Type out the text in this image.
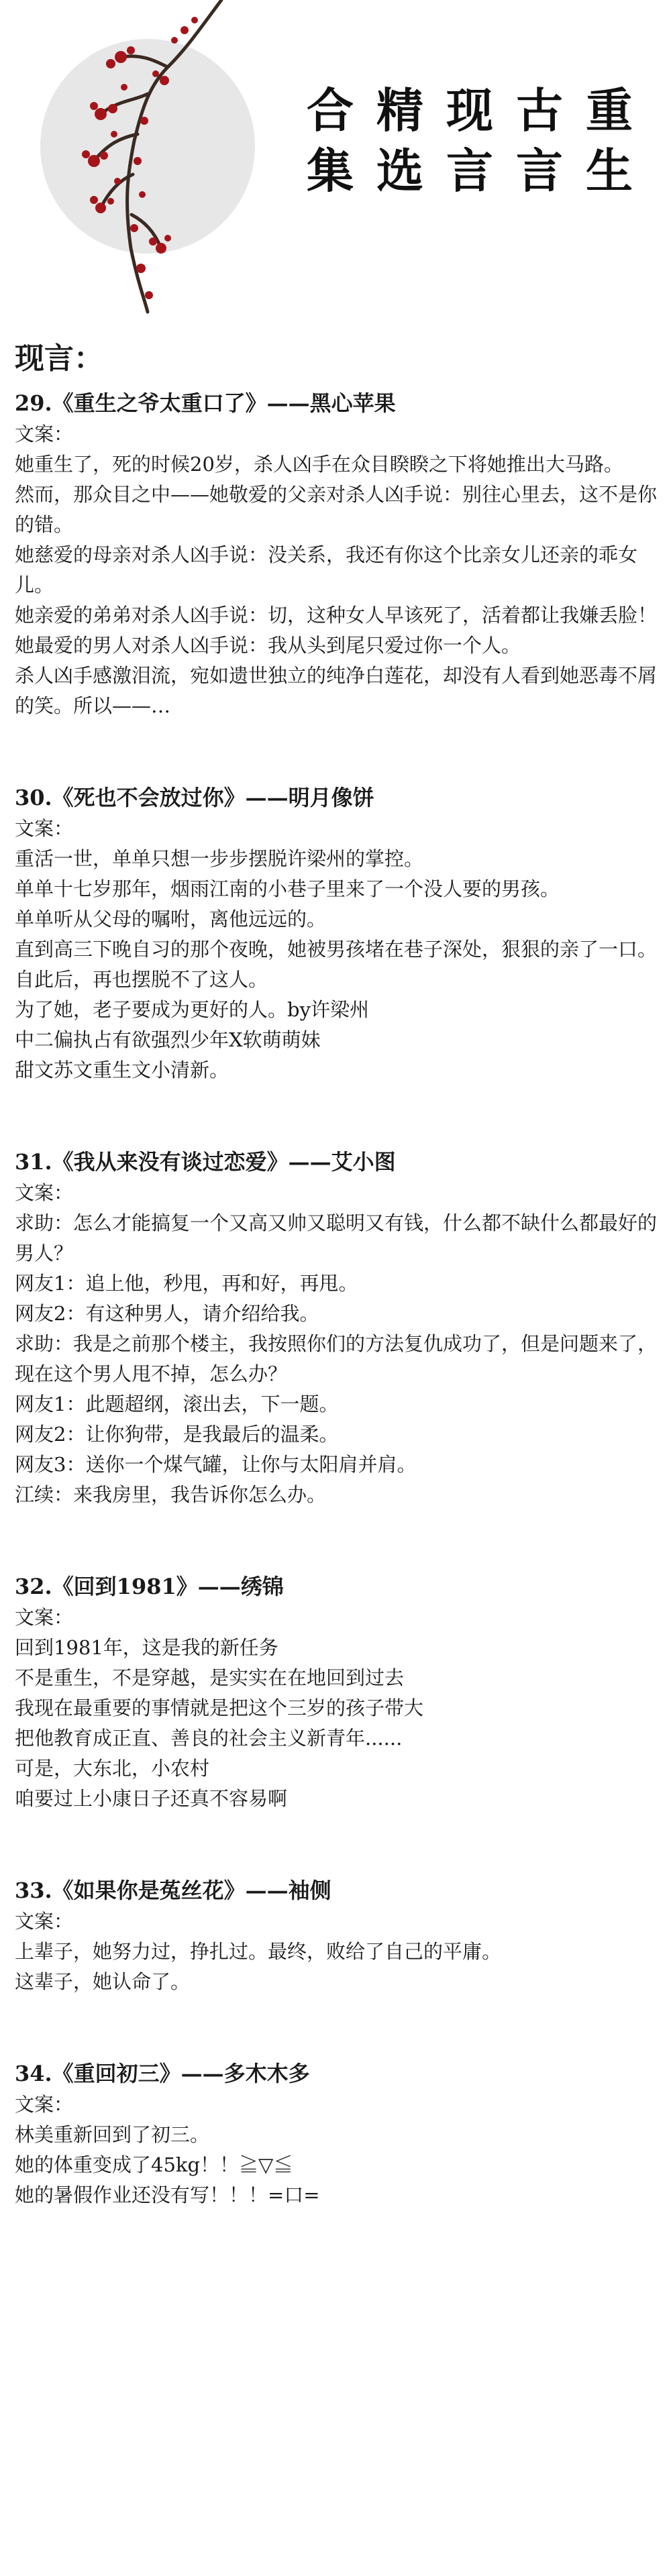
合 精 现 古 重
集 选 言 言 生
现言：
29.《重生之爷太重口了》——黑心苹果
文案：
她重生了，死的时候20岁，杀人凶手在众目睽睽之下将她推出大马路。
然而，那众目之中——她敬爱的父亲对杀人凶手说：别往心里去，这不是你的错。
她慈爱的母亲对杀人凶手说：没关系，我还有你这个比亲女儿还亲的乖女儿。
她亲爱的弟弟对杀人凶手说：切，这种女人早该死了，活着都让我嫌丢脸！
她最爱的男人对杀人凶手说：我从头到尾只爱过你一个人。
杀人凶手感激泪流，宛如遗世独立的纯净白莲花，却没有人看到她恶毒不屑的笑。所以——…
30.《死也不会放过你》——明月像饼
文案：
重活一世，单单只想一步步摆脱许梁州的掌控。
单单十七岁那年，烟雨江南的小巷子里来了一个没人要的男孩。
单单听从父母的嘱咐，离他远远的。
直到高三下晚自习的那个夜晚，她被男孩堵在巷子深处，狠狠的亲了一口。自此后，再也摆脱不了这人。
为了她，老子要成为更好的人。by许梁州
中二偏执占有欲强烈少年X软萌萌妹
甜文苏文重生文小清新。
31.《我从来没有谈过恋爱》——艾小图
文案：
求助：怎么才能搞复一个又高又帅又聪明又有钱，什么都不缺什么都最好的男人？
网友1：追上他，秒甩，再和好，再甩。
网友2：有这种男人，请介绍给我。
求助：我是之前那个楼主，我按照你们的方法复仇成功了，但是问题来了，现在这个男人甩不掉，怎么办？
网友1：此题超纲，滚出去，下一题。
网友2：让你狗带，是我最后的温柔。
网友3：送你一个煤气罐，让你与太阳肩并肩。
江续：来我房里，我告诉你怎么办。
32.《回到1981》——绣锦
文案：
回到1981年，这是我的新任务
不是重生，不是穿越，是实实在在地回到过去
我现在最重要的事情就是把这个三岁的孩子带大
把他教育成正直、善良的社会主义新青年......
可是，大东北，小农村
咱要过上小康日子还真不容易啊
33.《如果你是菟丝花》——袖侧
文案：
上辈子，她努力过，挣扎过。最终，败给了自己的平庸。
这辈子，她认命了。
34.《重回初三》——多木木多
文案：
林美重新回到了初三。
她的体重变成了45kg！！≧▽≦
她的暑假作业还没有写！！！=口=
